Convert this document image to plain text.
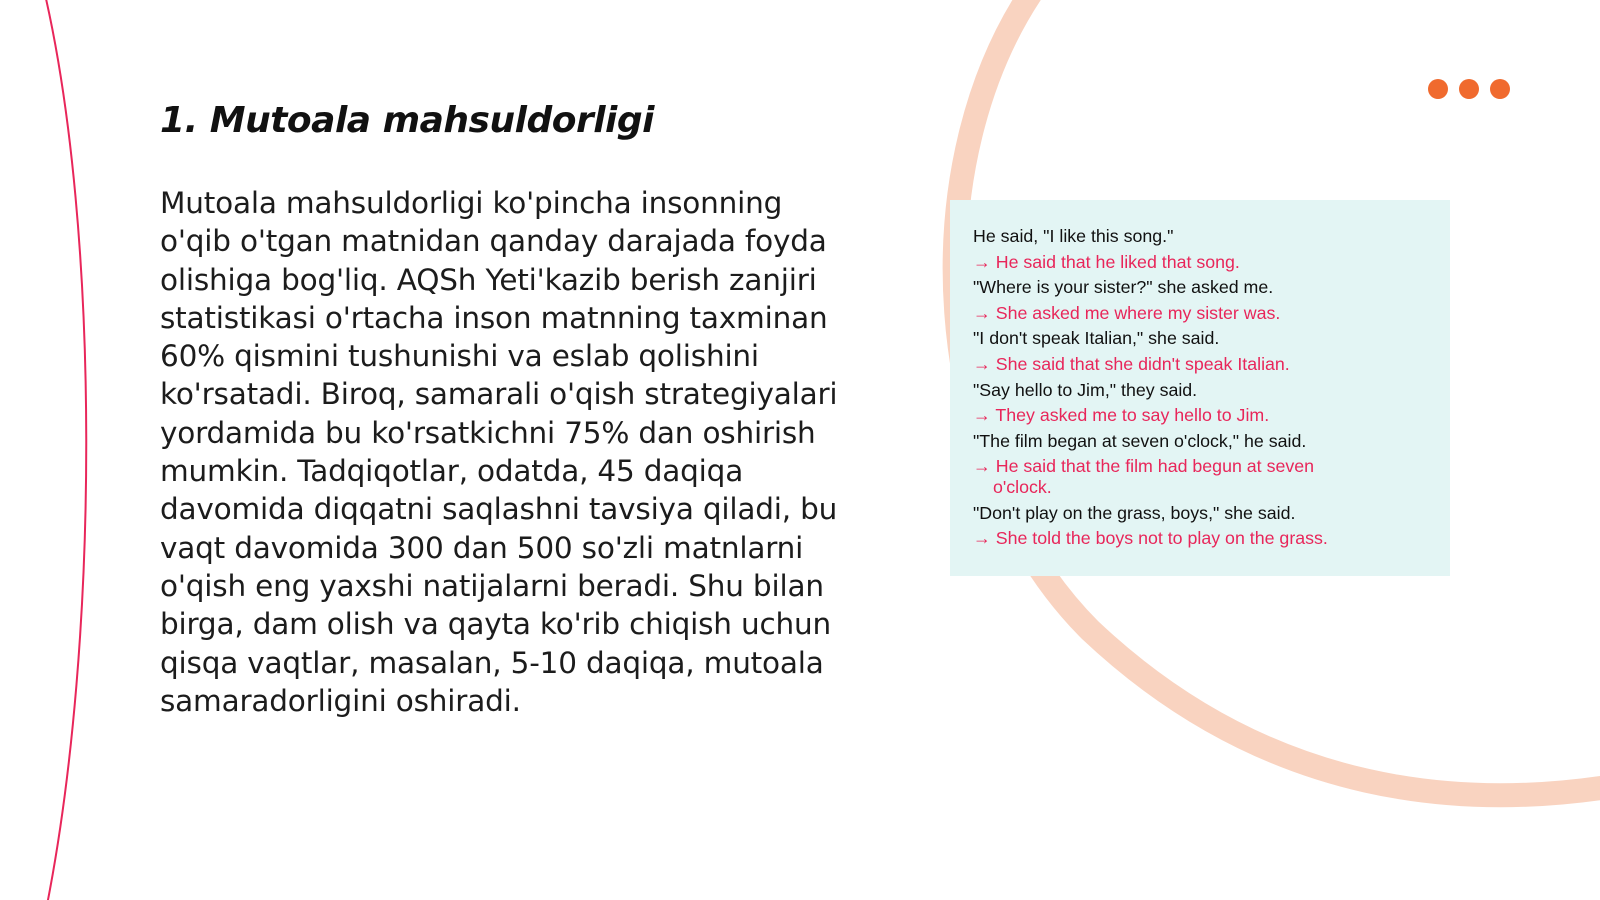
1. Mutoala mahsuldorligi

Mutoala mahsuldorligi ko'pincha insonning o'qib o'tgan matnidan qanday darajada foyda olishiga bog'liq. AQSh Yeti'kazib berish zanjiri statistikasi o'rtacha inson matnning taxminan 60% qismini tushunishi va eslab qolishini ko'rsatadi. Biroq, samarali o'qish strategiyalari yordamida bu ko'rsatkichni 75% dan oshirish mumkin. Tadqiqotlar, odatda, 45 daqiqa davomida diqqatni saqlashni tavsiya qiladi, bu vaqt davomida 300 dan 500 so'zli matnlarni o'qish eng yaxshi natijalarni beradi. Shu bilan birga, dam olish va qayta ko'rib chiqish uchun qisqa vaqtlar, masalan, 5-10 daqiqa, mutoala samaradorligini oshiradi.

He said, "I like this song."

→ He said that he liked that song.

"Where is your sister?" she asked me.

→ She asked me where my sister was.

"I don't speak Italian," she said.

→ She said that she didn't speak Italian.

"Say hello to Jim," they said.

→ They asked me to say hello to Jim.

"The film began at seven o'clock," he said.

→ He said that the film had begun at seven
o'clock.

"Don't play on the grass, boys," she said.

→ She told the boys not to play on the grass.
